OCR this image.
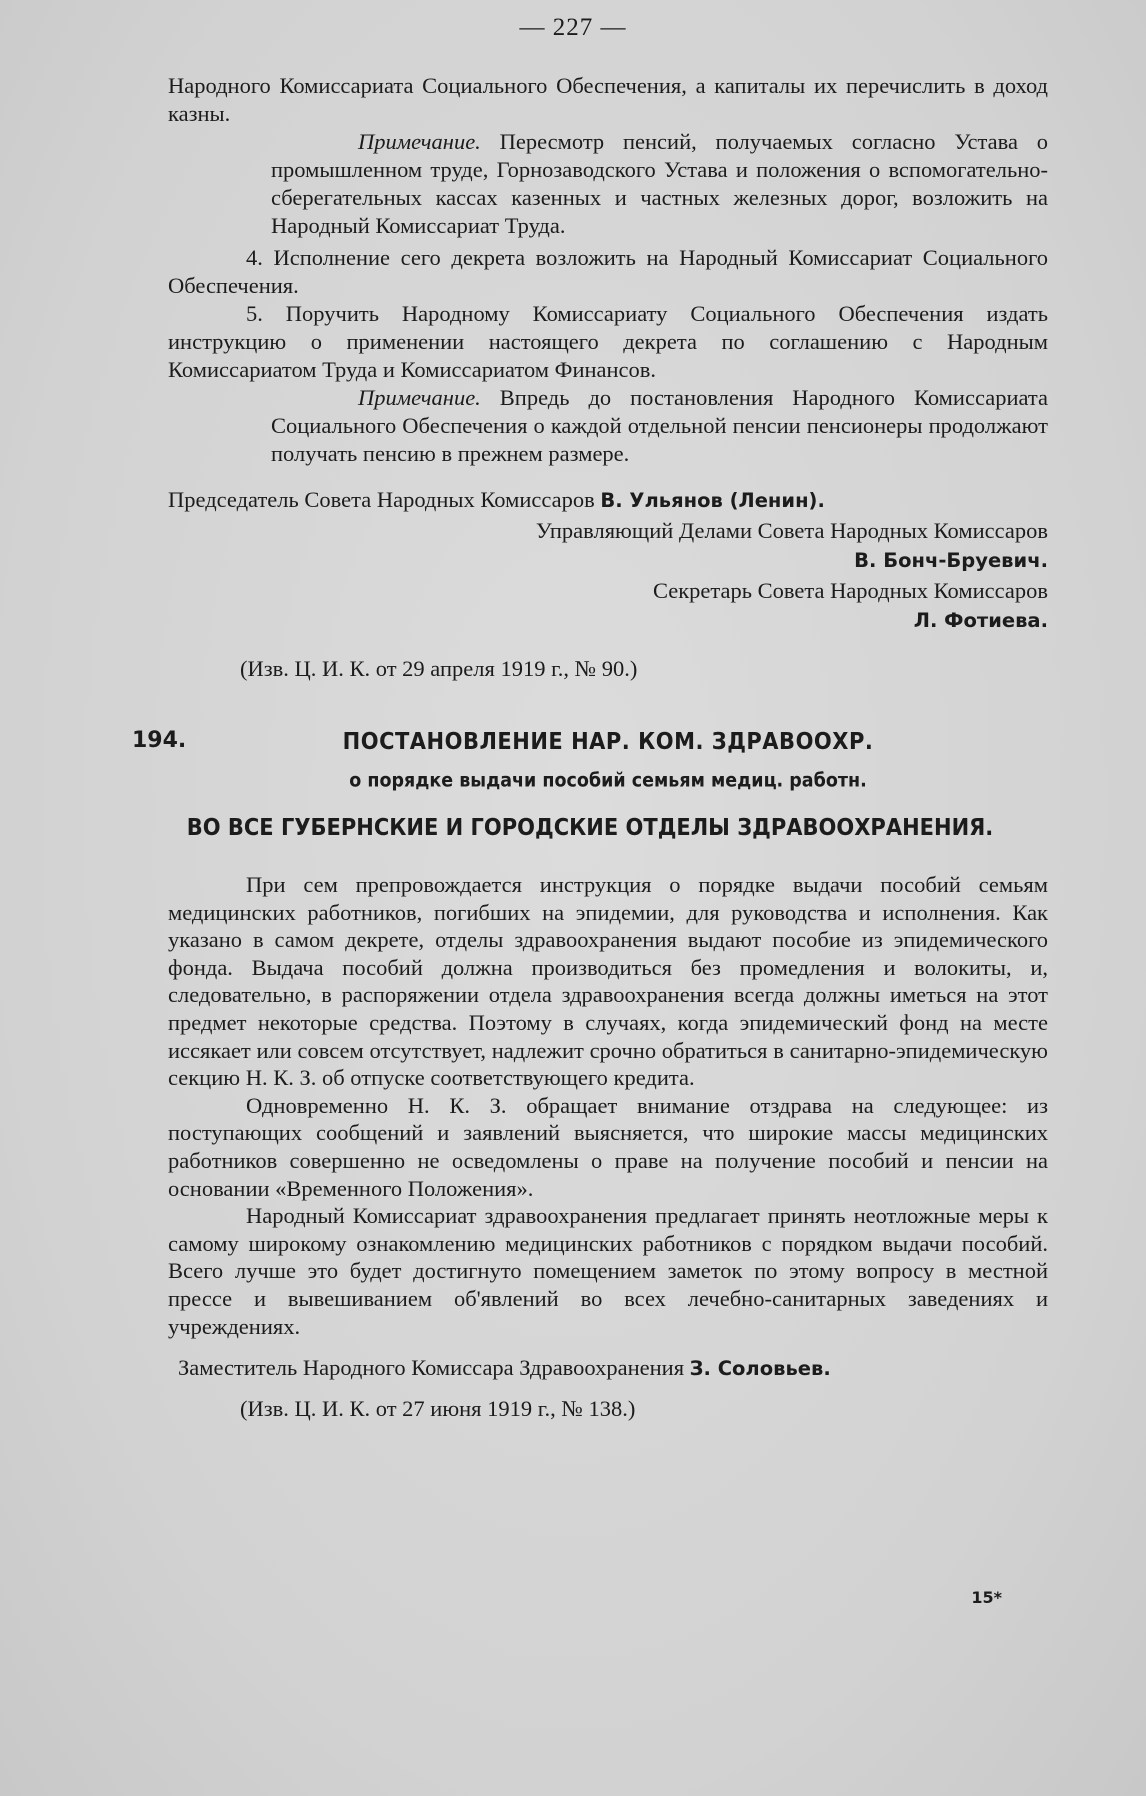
— 227 —

Народного Комиссариата Социального Обеспечения, а капиталы их перечислить в доход казны.

Примечание. Пересмотр пенсий, получаемых согласно Устава о промышленном труде, Горнозаводского Устава и положения о вспомогательно-сберегательных кассах казенных и частных железных дорог, возложить на Народный Комиссариат Труда.

4. Исполнение сего декрета возложить на Народный Комиссариат Социального Обеспечения.

5. Поручить Народному Комиссариату Социального Обеспечения издать инструкцию о применении настоящего декрета по соглашению с Народным Комиссариатом Труда и Комиссариатом Финансов.

Примечание. Впредь до постановления Народного Комиссариата Социального Обеспечения о каждой отдельной пенсии пенсионеры продолжают получать пенсию в прежнем размере.

Председатель Совета Народных Комиссаров В. Ульянов (Ленин).
Управляющий Делами Совета Народных Комиссаров
В. Бонч-Бруевич.
Секретарь Совета Народных Комиссаров
Л. Фотиева.

(Изв. Ц. И. К. от 29 апреля 1919 г., № 90.)

194.	ПОСТАНОВЛЕНИЕ НАР. КОМ. ЗДРАВООХР.
о порядке выдачи пособий семьям медиц. работн.
ВО ВСЕ ГУБЕРНСКИЕ И ГОРОДСКИЕ ОТДЕЛЫ ЗДРАВООХРАНЕНИЯ.

При сем препровождается инструкция о порядке выдачи пособий семьям медицинских работников, погибших на эпидемии, для руководства и исполнения. Как указано в самом декрете, отделы здравоохранения выдают пособие из эпидемического фонда. Выдача пособий должна производиться без промедления и волокиты, и, следовательно, в распоряжении отдела здравоохранения всегда должны иметься на этот предмет некоторые средства. Поэтому в случаях, когда эпидемический фонд на месте иссякает или совсем отсутствует, надлежит срочно обратиться в санитарно-эпидемическую секцию Н. К. З. об отпуске соответствующего кредита.

Одновременно Н. К. З. обращает внимание отздрава на следующее: из поступающих сообщений и заявлений выясняется, что широкие массы медицинских работников совершенно не осведомлены о праве на получение пособий и пенсии на основании «Временного Положения».

Народный Комиссариат здравоохранения предлагает принять неотложные меры к самому широкому ознакомлению медицинских работников с порядком выдачи пособий. Всего лучше это будет достигнуто помещением заметок по этому вопросу в местной прессе и вывешиванием об'явлений во всех лечебно-санитарных заведениях и учреждениях.

Заместитель Народного Комиссара Здравоохранения З. Соловьев.

(Изв. Ц. И. К. от 27 июня 1919 г., № 138.)

15*
